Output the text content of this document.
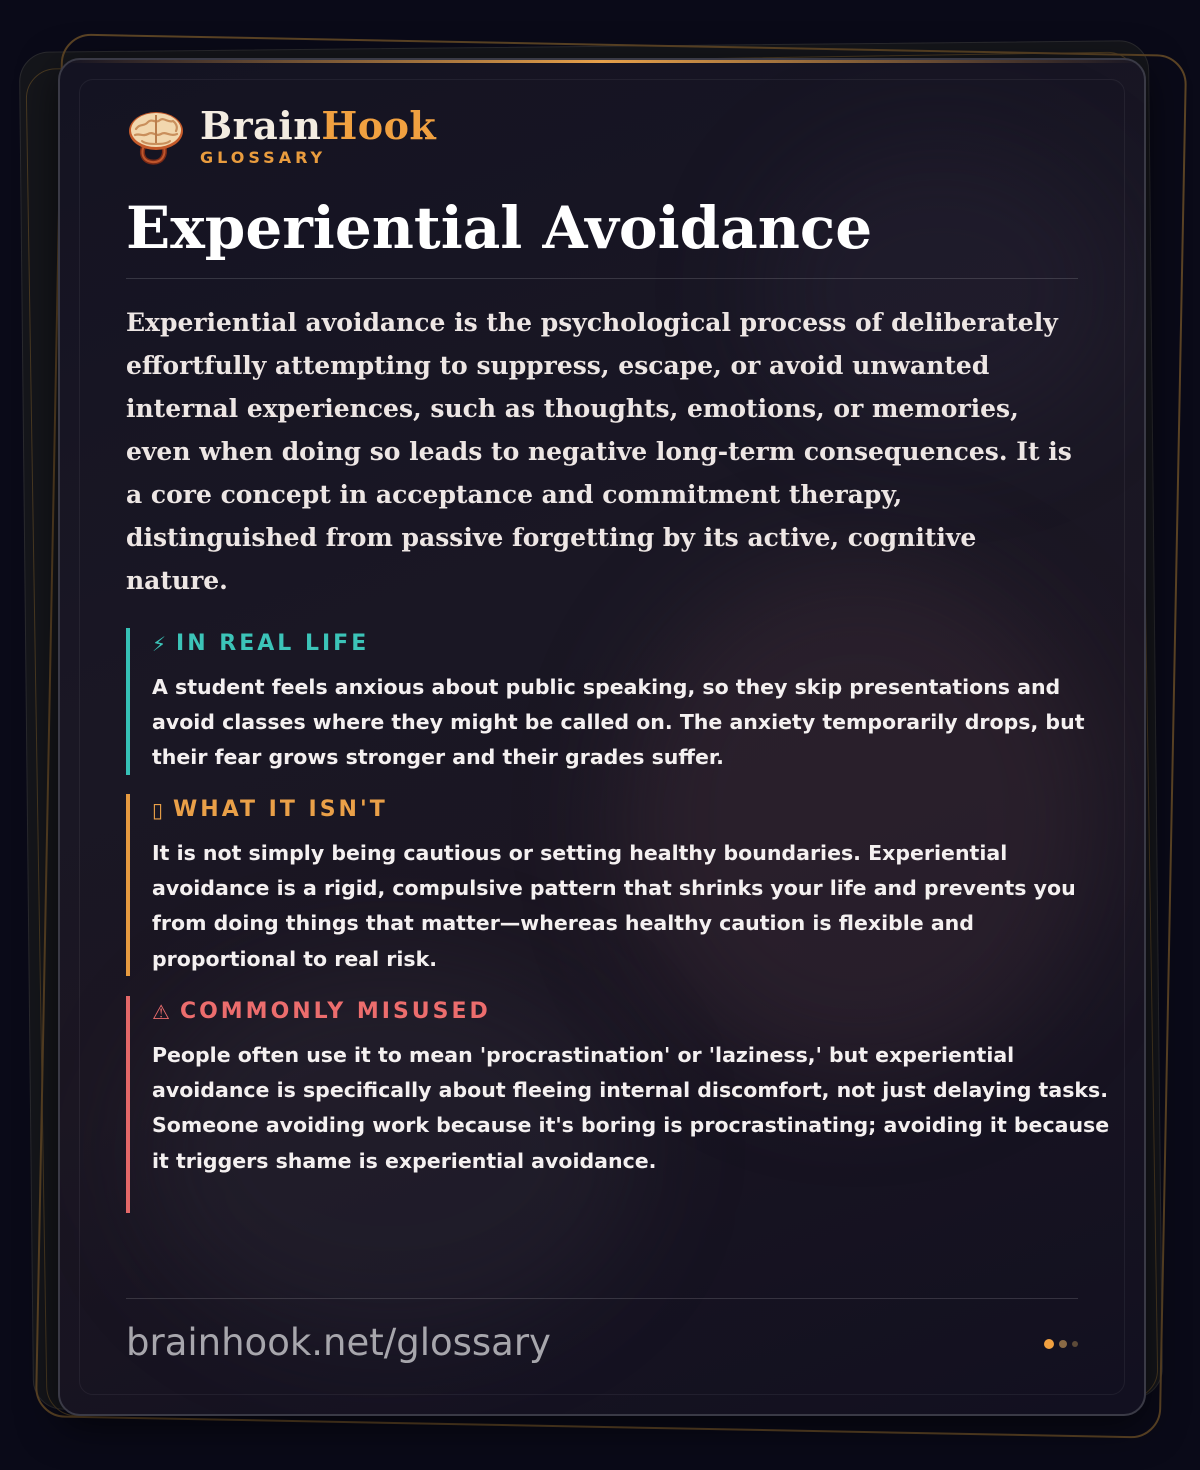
BrainHook
GLOSSARY
Experiential Avoidance

Experiential avoidance is the psychological process of deliberately effortfully attempting to suppress, escape, or avoid unwanted internal experiences, such as thoughts, emotions, or memories, even when doing so leads to negative long-term consequences. It is a core concept in acceptance and commitment therapy, distinguished from passive forgetting by its active, cognitive nature.

⚡ IN REAL LIFE

A student feels anxious about public speaking, so they skip presentations and avoid classes where they might be called on. The anxiety temporarily drops, but their fear grows stronger and their grades suffer.

▯ WHAT IT ISN'T

It is not simply being cautious or setting healthy boundaries. Experiential avoidance is a rigid, compulsive pattern that shrinks your life and prevents you from doing things that matter—whereas healthy caution is flexible and proportional to real risk.

⚠ COMMONLY MISUSED

People often use it to mean 'procrastination' or 'laziness,' but experiential avoidance is specifically about fleeing internal discomfort, not just delaying tasks. Someone avoiding work because it's boring is procrastinating; avoiding it because it triggers shame is experiential avoidance.

brainhook.net/glossary
